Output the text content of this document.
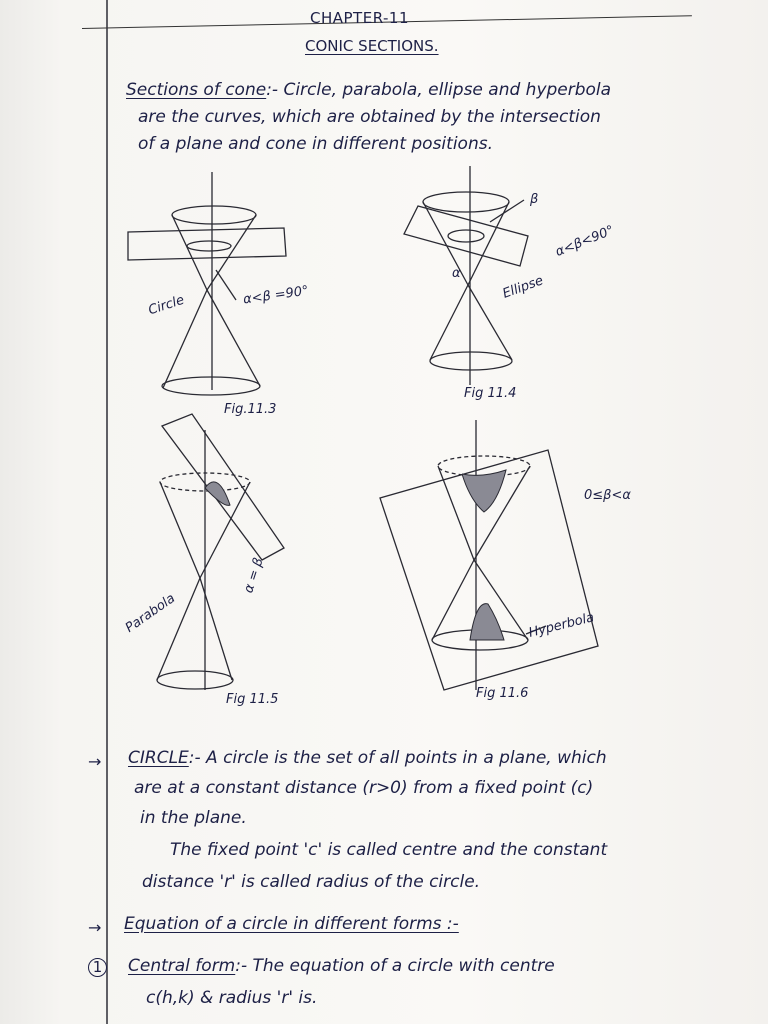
CHAPTER-11
CONIC SECTIONS.
Sections of cone:- Circle, parabola, ellipse and hyperbola
are the curves, which are obtained by the intersection
of a plane and cone in different positions.
Circle	α<β =90°
Fig.11.3
Ellipse
α<β<90°
β
α
Fig 11.4
Parabola
α = β
Fig 11.5
Hyperbola
0≤β<α
Fig 11.6
→ CIRCLE:- A circle is the set of all points in a plane, which
are at a constant distance (r>0) from a fixed point (c)
in the plane.
The fixed point 'c' is called centre and the constant
distance 'r' is called radius of the circle.
→ Equation of a circle in different forms :-
1 Central form:- The equation of a circle with centre
c(h,k) & radius 'r' is.
